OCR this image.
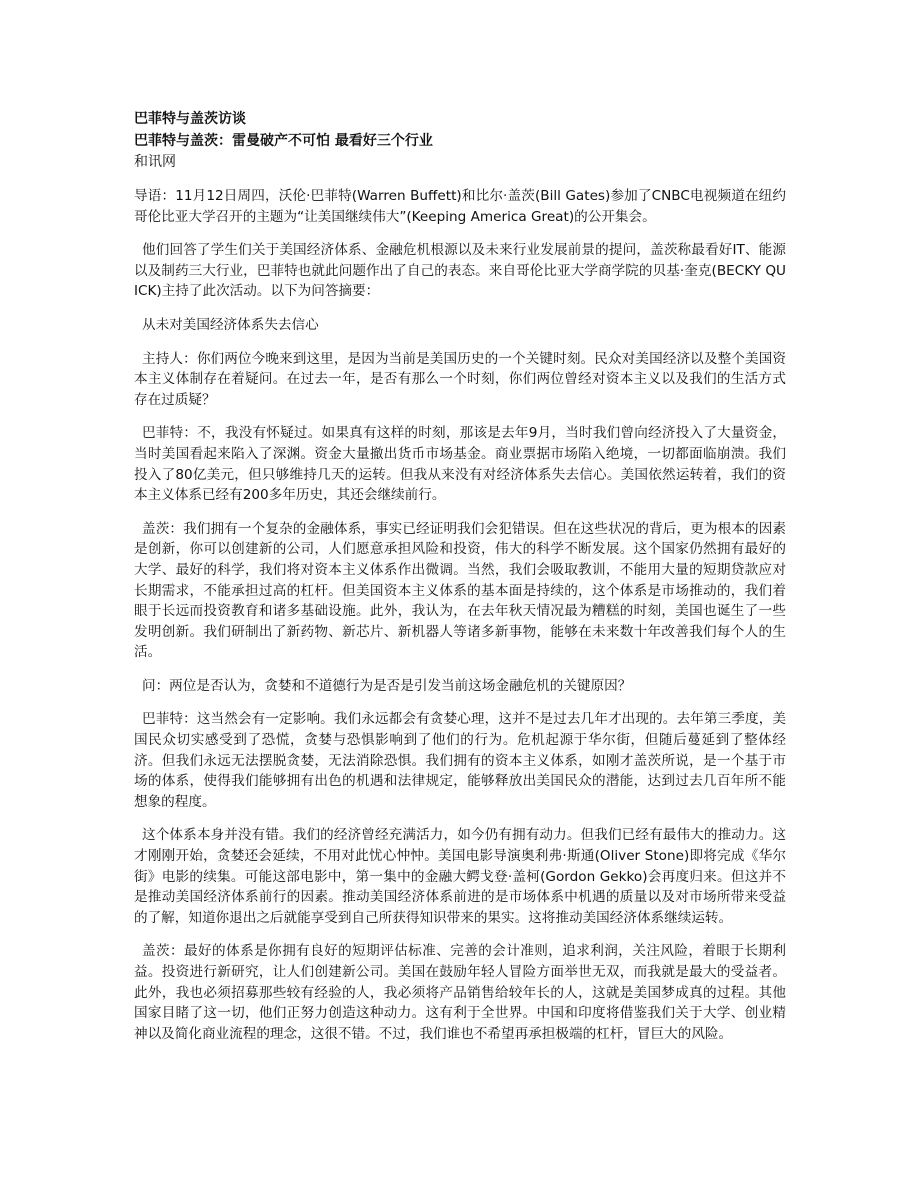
巴菲特与盖茨访谈

巴菲特与盖茨：雷曼破产不可怕 最看好三个行业

和讯网

导语：11月12日周四，沃伦·巴菲特(Warren Buffett)和比尔·盖茨(Bill Gates)参加了CNBC电视频道在纽约哥伦比亚大学召开的主题为“让美国继续伟大”(Keeping America Great)的公开集会。

他们回答了学生们关于美国经济体系、金融危机根源以及未来行业发展前景的提问，盖茨称最看好IT、能源以及制药三大行业，巴菲特也就此问题作出了自己的表态。来自哥伦比亚大学商学院的贝基·奎克(BECKY QUICK)主持了此次活动。以下为问答摘要：

从未对美国经济体系失去信心

主持人：你们两位今晚来到这里，是因为当前是美国历史的一个关键时刻。民众对美国经济以及整个美国资本主义体制存在着疑问。在过去一年，是否有那么一个时刻，你们两位曾经对资本主义以及我们的生活方式存在过质疑？

巴菲特：不，我没有怀疑过。如果真有这样的时刻，那该是去年9月，当时我们曾向经济投入了大量资金，当时美国看起来陷入了深渊。资金大量撤出货币市场基金。商业票据市场陷入绝境，一切都面临崩溃。我们投入了80亿美元，但只够维持几天的运转。但我从来没有对经济体系失去信心。美国依然运转着，我们的资本主义体系已经有200多年历史，其还会继续前行。

盖茨：我们拥有一个复杂的金融体系，事实已经证明我们会犯错误。但在这些状况的背后，更为根本的因素是创新，你可以创建新的公司，人们愿意承担风险和投资，伟大的科学不断发展。这个国家仍然拥有最好的大学、最好的科学，我们将对资本主义体系作出微调。当然，我们会吸取教训，不能用大量的短期贷款应对长期需求，不能承担过高的杠杆。但美国资本主义体系的基本面是持续的，这个体系是市场推动的，我们着眼于长远而投资教育和诸多基础设施。此外，我认为，在去年秋天情况最为糟糕的时刻，美国也诞生了一些发明创新。我们研制出了新药物、新芯片、新机器人等诸多新事物，能够在未来数十年改善我们每个人的生活。

问：两位是否认为，贪婪和不道德行为是否是引发当前这场金融危机的关键原因？

巴菲特：这当然会有一定影响。我们永远都会有贪婪心理，这并不是过去几年才出现的。去年第三季度，美国民众切实感受到了恐慌，贪婪与恐惧影响到了他们的行为。危机起源于华尔街，但随后蔓延到了整体经济。但我们永远无法摆脱贪婪，无法消除恐惧。我们拥有的资本主义体系，如刚才盖茨所说，是一个基于市场的体系，使得我们能够拥有出色的机遇和法律规定，能够释放出美国民众的潜能，达到过去几百年所不能想象的程度。

这个体系本身并没有错。我们的经济曾经充满活力，如今仍有拥有动力。但我们已经有最伟大的推动力。这才刚刚开始，贪婪还会延续，不用对此忧心忡忡。美国电影导演奥利弗·斯通(Oliver Stone)即将完成《华尔街》电影的续集。可能这部电影中，第一集中的金融大鳄戈登·盖柯(Gordon Gekko)会再度归来。但这并不是推动美国经济体系前行的因素。推动美国经济体系前进的是市场体系中机遇的质量以及对市场所带来受益的了解，知道你退出之后就能享受到自己所获得知识带来的果实。这将推动美国经济体系继续运转。

盖茨：最好的体系是你拥有良好的短期评估标准、完善的会计准则，追求利润，关注风险，着眼于长期利益。投资进行新研究，让人们创建新公司。美国在鼓励年轻人冒险方面举世无双，而我就是最大的受益者。此外，我也必须招募那些较有经验的人，我必须将产品销售给较年长的人，这就是美国梦成真的过程。其他国家目睹了这一切，他们正努力创造这种动力。这有利于全世界。中国和印度将借鉴我们关于大学、创业精神以及简化商业流程的理念，这很不错。不过，我们谁也不希望再承担极端的杠杆，冒巨大的风险。
